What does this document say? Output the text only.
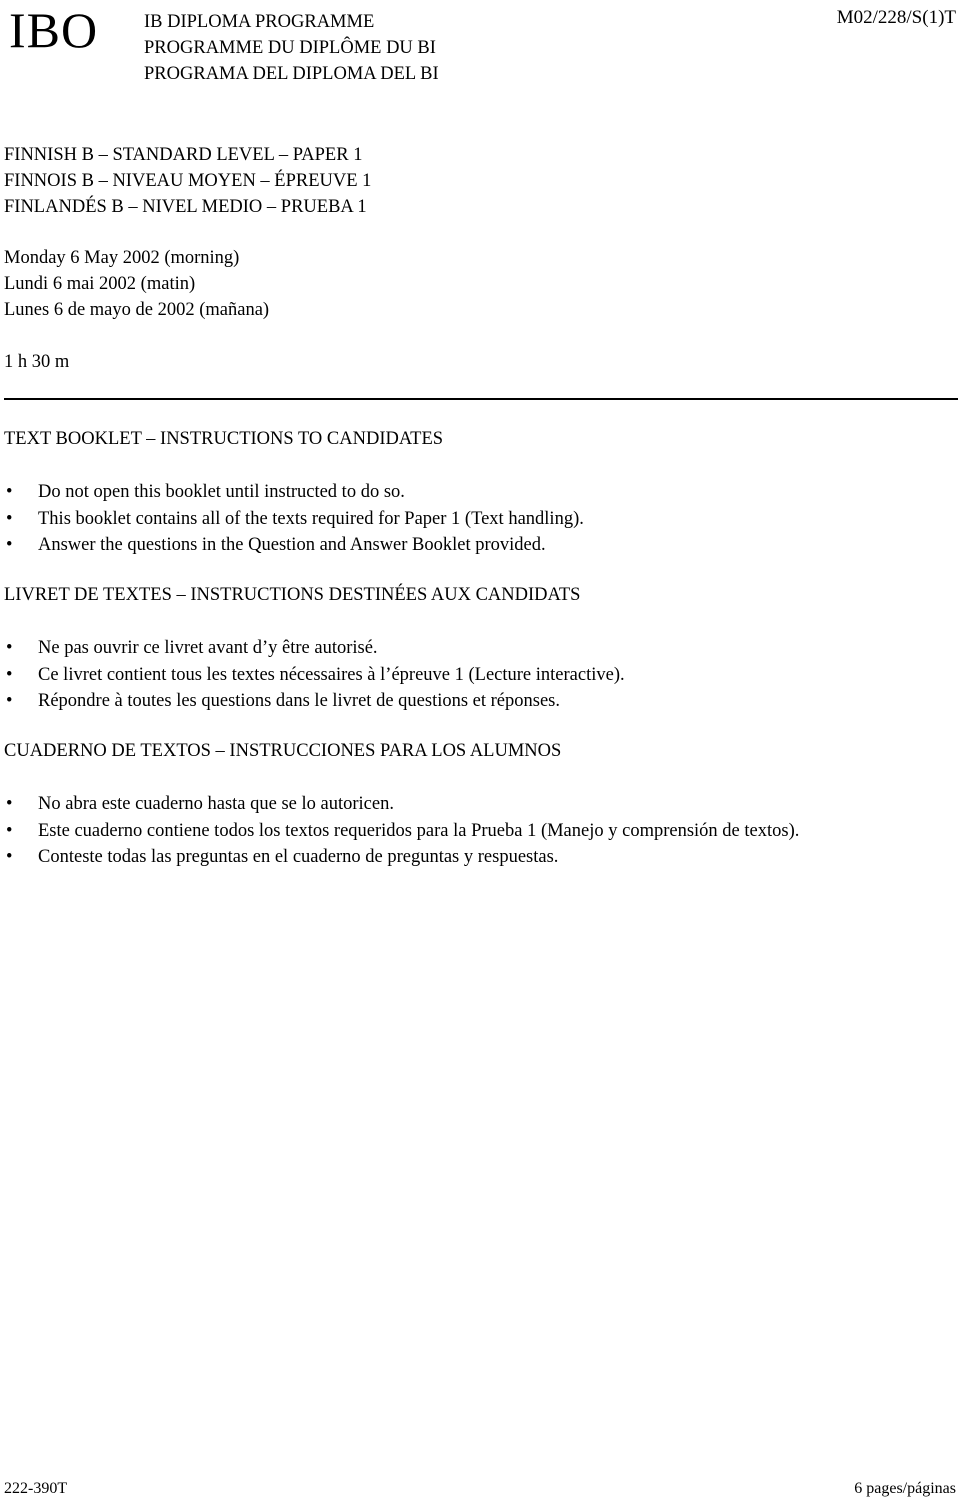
IBO IB DIPLOMA PROGRAMME
PROGRAMME DU DIPLÔME DU BI
PROGRAMA DEL DIPLOMA DEL BI
M02/228/S(1)T
FINNISH B – STANDARD LEVEL – PAPER 1
FINNOIS B – NIVEAU MOYEN – ÉPREUVE 1
FINLANDÉS B – NIVEL MEDIO – PRUEBA 1
Monday 6 May 2002 (morning)
Lundi 6 mai 2002 (matin)
Lunes 6 de mayo de 2002 (mañana)
1 h 30 m
TEXT BOOKLET – INSTRUCTIONS TO CANDIDATES
• Do not open this booklet until instructed to do so.
• This booklet contains all of the texts required for Paper 1 (Text handling).
• Answer the questions in the Question and Answer Booklet provided.
LIVRET DE TEXTES – INSTRUCTIONS DESTINÉES AUX CANDIDATS
• Ne pas ouvrir ce livret avant d’y être autorisé.
• Ce livret contient tous les textes nécessaires à l’épreuve 1 (Lecture interactive).
• Répondre à toutes les questions dans le livret de questions et réponses.
CUADERNO DE TEXTOS – INSTRUCCIONES PARA LOS ALUMNOS
• No abra este cuaderno hasta que se lo autoricen.
• Este cuaderno contiene todos los textos requeridos para la Prueba 1 (Manejo y comprensión de textos).
• Conteste todas las preguntas en el cuaderno de preguntas y respuestas.
222-390T	6 pages/páginas
